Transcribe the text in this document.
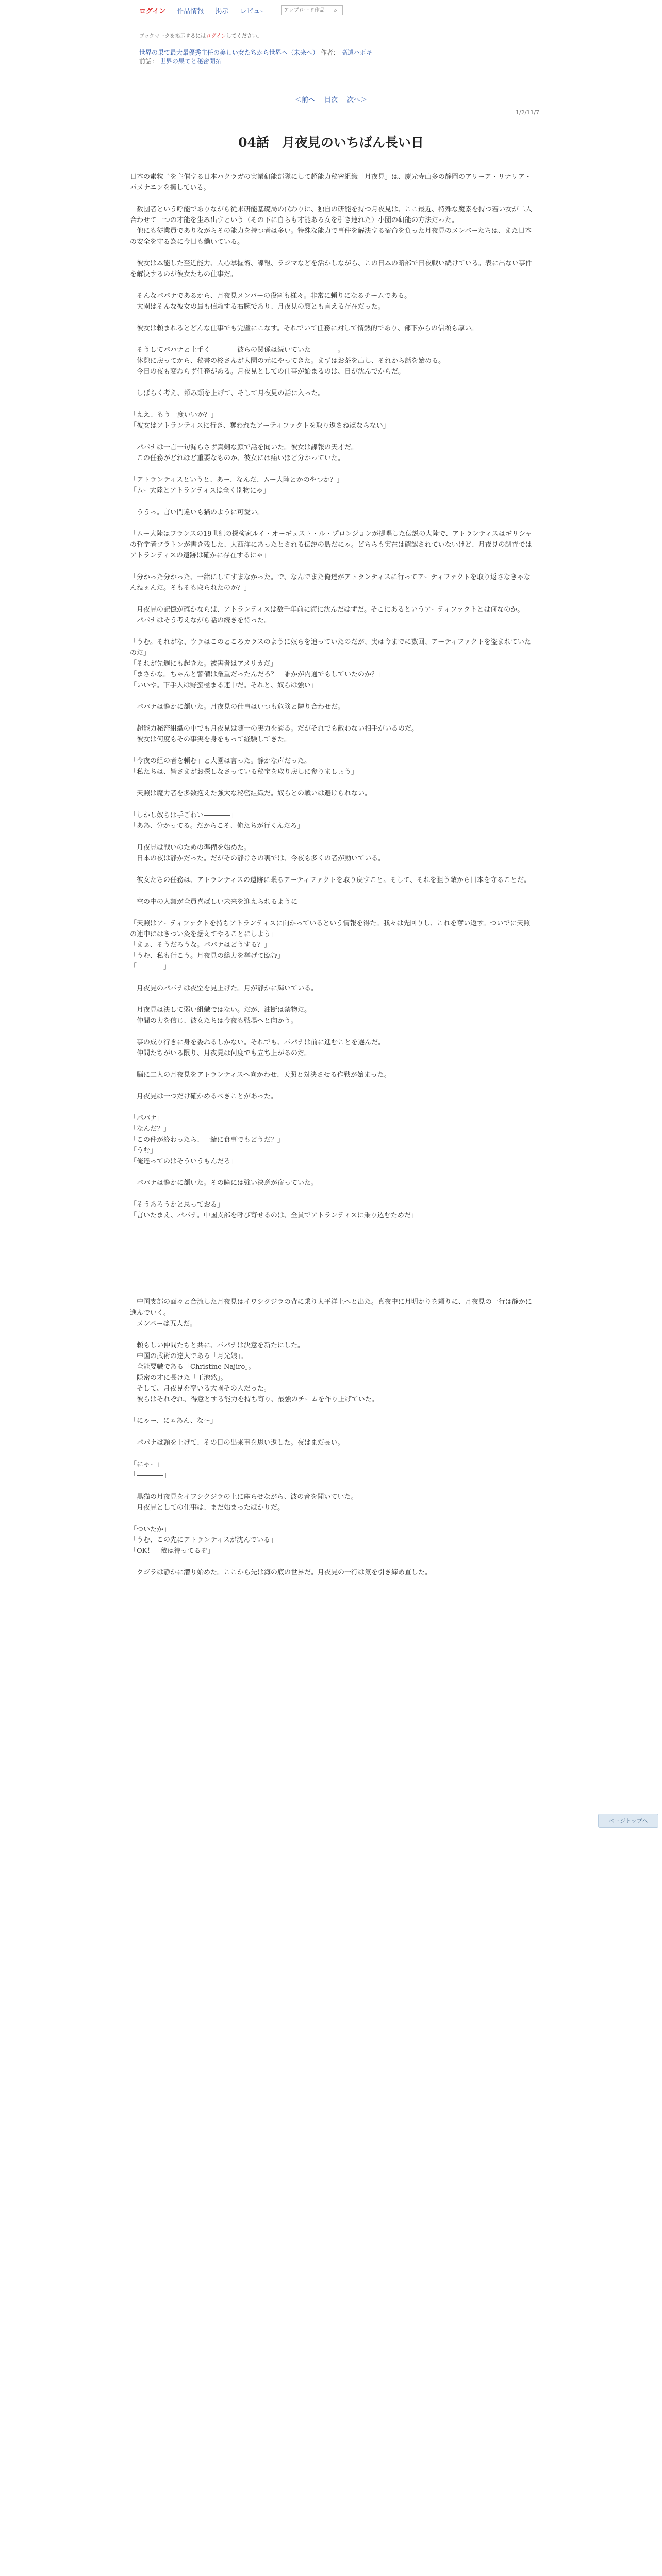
ログイン 作品情報 掲示 レビュー
アップロード作品	⌕
ブックマークを掲示するにはログインしてください。
世界の果て最大最優秀主任の美しい女たちから世界へ（未来へ） 作者： 高遠ハボキ
前話： 世界の果てと秘密開拓
＜前へ 目次 次へ＞
1/2/11/7
04話　月夜見のいちばん長い日

日本の素粒子を主催する日本パクラガの実業研能部隊にして超能力秘密組織「月夜見」は、慶光寺山多の静岡のアリーア・リナリア・パメナニンを擁している。

　数団者という呼能でありながら従来研能基礎局の代わりに、独自の研能を持つ月夜見は、ここ最近、特殊な魔素を持つ若い女が二人合わせて一つの才能を生み出すという（その下に自らも才能ある女を引き連れた）小団の研能の方法だった。

　他にも従業員でありながらその能力を持つ者は多い。特殊な能力で事件を解決する宿命を負った月夜見のメンバーたちは、また日本の安全を守る為に今日も働いている。

　彼女は本能した至近能力、人心掌握術、諜報、ラジマなどを活かしながら、この日本の暗部で日夜戦い続けている。表に出ない事件を解決するのが彼女たちの仕事だ。

　そんなパパナであるから、月夜見メンバーの役割も様々。非常に頼りになるチームである。

　大園はそんな彼女の最も信頼する右腕であり、月夜見の顔とも言える存在だった。

　彼女は頼まれるとどんな仕事でも完璧にこなす。それでいて任務に対して情熱的であり、部下からの信頼も厚い。

　そうしてパパナと上手く――――彼らの関係は続いていた――――。

　休憩に戻ってから、秘書の柊さんが大園の元にやってきた。まずはお茶を出し、それから話を始める。

　今日の夜も変わらず任務がある。月夜見としての仕事が始まるのは、日が沈んでからだ。

　しばらく考え、頼み頭を上げて、そして月夜見の話に入った。

「ええ、もう一度いいか？」

「彼女はアトランティスに行き、奪われたアーティファクトを取り返さねばならない」

　パパナは一言一句漏らさず真剣な顔で話を聞いた。彼女は諜報の天才だ。

　この任務がどれほど重要なものか、彼女には痛いほど分かっていた。

「アトランティスというと、あー、なんだ、ムー大陸とかのやつか？」

「ムー大陸とアトランティスは全く別物にゃ」

　ううっ。言い間違いも猫のように可愛い。

「ムー大陸はフランスの19世紀の探検家ルイ・オーギュスト・ル・プロンジョンが提唱した伝説の大陸で、アトランティスはギリシャの哲学者プラトンが書き残した、大西洋にあったとされる伝説の島だにゃ。どちらも実在は確認されていないけど、月夜見の調査ではアトランティスの遺跡は確かに存在するにゃ」

「分かった分かった、一緒にしてすまなかった。で、なんでまた俺達がアトランティスに行ってアーティファクトを取り返さなきゃなんねぇんだ。そもそも取られたのか？」

　月夜見の記憶が確かならば、アトランティスは数千年前に海に沈んだはずだ。そこにあるというアーティファクトとは何なのか。

　パパナはそう考えながら話の続きを待った。

「うむ。それがな、ウラはこのところカラスのように奴らを追っていたのだが、実は今までに数回、アーティファクトを盗まれていたのだ」

「それが先週にも起きた。被害者はアメリカだ」

「まさかな。ちゃんと警備は厳重だったんだろ？　誰かが内通でもしていたのか？」

「いいや。下手人は野蛮極まる連中だ。それと、奴らは強い」

　パパナは静かに頷いた。月夜見の仕事はいつも危険と隣り合わせだ。

　超能力秘密組織の中でも月夜見は随一の実力を誇る。だがそれでも敵わない相手がいるのだ。

　彼女は何度もその事実を身をもって経験してきた。

「今夜の組の者を頼む」と大園は言った。静かな声だった。

「私たちは、皆さまがお探しなさっている秘宝を取り戻しに参りましょう」

　天照は魔力者を多数抱えた強大な秘密組織だ。奴らとの戦いは避けられない。

「しかし奴らは手ごわい――――」

「ああ、分かってる。だからこそ、俺たちが行くんだろ」

　月夜見は戦いのための準備を始めた。

　日本の夜は静かだった。だがその静けさの裏では、今夜も多くの者が動いている。

　彼女たちの任務は、アトランティスの遺跡に眠るアーティファクトを取り戻すこと。そして、それを狙う敵から日本を守ることだ。

　空の中の人類が全員喜ばしい未来を迎えられるように――――

「天照はアーティファクトを持ちアトランティスに向かっているという情報を得た。我々は先回りし、これを奪い返す。ついでに天照の連中にはきつい灸を据えてやることにしよう」

「まぁ、そうだろうな。パパナはどうする？」

「うむ、私も行こう。月夜見の総力を挙げて臨む」

「――――」

　月夜見のパパナは夜空を見上げた。月が静かに輝いている。

　月夜見は決して弱い組織ではない。だが、油断は禁物だ。

　仲間の力を信じ、彼女たちは今夜も戦場へと向かう。

　事の成り行きに身を委ねるしかない。それでも、パパナは前に進むことを選んだ。

　仲間たちがいる限り、月夜見は何度でも立ち上がるのだ。

　脳に二人の月夜見をアトランティスへ向かわせ、天照と対決させる作戦が始まった。

　月夜見は一つだけ確かめるべきことがあった。

「パパナ」

「なんだ？」

「この件が終わったら、一緒に食事でもどうだ？」

「うむ」

「俺達ってのはそういうもんだろ」

　パパナは静かに頷いた。その瞳には強い決意が宿っていた。

「そうあろうかと思っておる」

「言いたまえ、パパナ。中国支部を呼び寄せるのは、全員でアトランティスに乗り込むためだ」

　中国支部の面々と合流した月夜見はイワシクジラの背に乗り太平洋上へと出た。真夜中に月明かりを頼りに、月夜見の一行は静かに進んでいく。

　メンバーは五人だ。

　頼もしい仲間たちと共に、パパナは決意を新たにした。

　中国の武術の達人である「月光娘」。

　全能要職である「Christine Najiro」。

　隠密の才に長けた「王泡然」。

　そして、月夜見を率いる大園その人だった。

　彼らはそれぞれ、得意とする能力を持ち寄り、最強のチームを作り上げていた。

「にゃー、にゃあん、な～」

　パパナは頭を上げて、その日の出来事を思い返した。夜はまだ長い。

「にゃー」

「――――」

　黒猫の月夜見をイワシクジラの上に座らせながら、波の音を聞いていた。

　月夜見としての仕事は、まだ始まったばかりだ。

「ついたか」

「うむ、この先にアトランティスが沈んでいる」

「OK！　敵は待ってるぞ」

　クジラは静かに潜り始めた。ここから先は海の底の世界だ。月夜見の一行は気を引き締め直した。

ページトップへ
